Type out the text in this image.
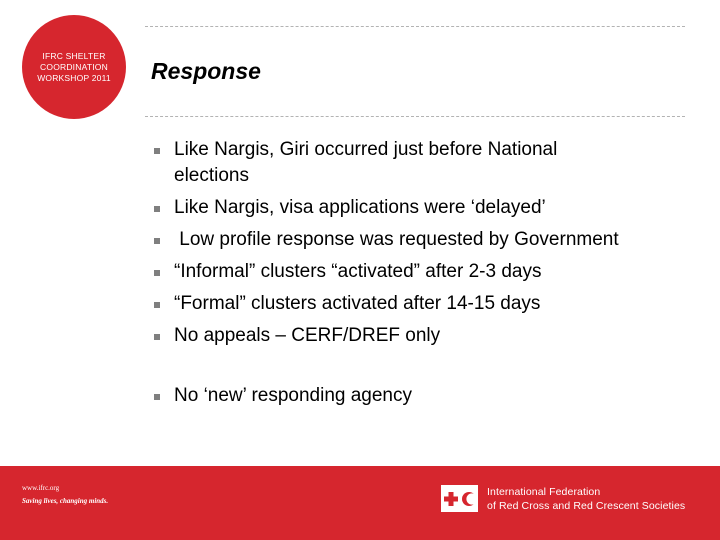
IFRC SHELTER
COORDINATION
WORKSHOP 2011 Response
Like Nargis, Giri occurred just before National elections
Like Nargis, visa applications were ‘delayed’
Low profile response was requested by Government
“Informal” clusters “activated” after 2-3 days
“Formal” clusters activated after 14-15 days
No appeals – CERF/DREF only
No ‘new’ responding agency
www.ifrc.org
Saving lives, changing minds.
International Federation
of Red Cross and Red Crescent Societies
